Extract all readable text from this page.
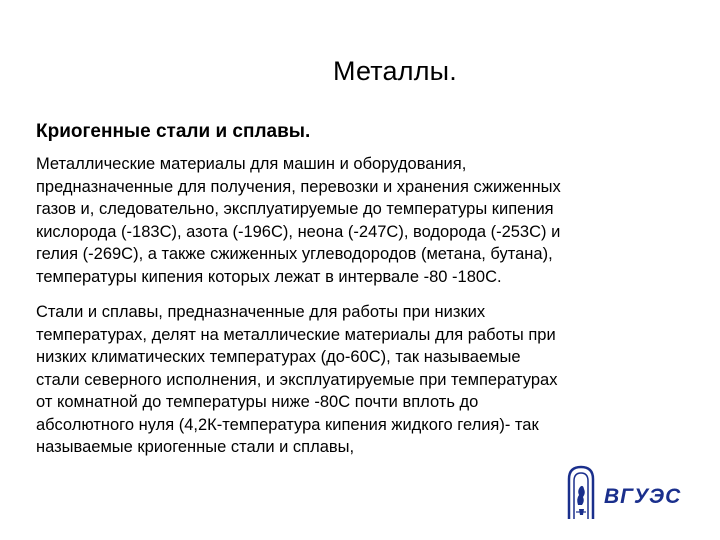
Металлы.
Криогенные стали и сплавы.

Металлические материалы для машин и оборудования,
предназначенные для получения, перевозки и хранения сжиженных
газов и, следовательно, эксплуатируемые до температуры кипения
кислорода (-183С), азота (-196С), неона (-247С), водорода (-253С) и
гелия (-269С), а также сжиженных углеводородов (метана, бутана),
температуры кипения которых лежат в интервале -80 -180С.

Стали и сплавы, предназначенные для работы при низких
температурах, делят на металлические материалы для работы при
низких климатических температурах (до-60С), так называемые
стали северного исполнения, и эксплуатируемые при температурах
от комнатной до температуры ниже -80С почти вплоть до
абсолютного нуля (4,2К-температура кипения жидкого гелия)- так
называемые криогенные стали и сплавы,

ВГУЭС
